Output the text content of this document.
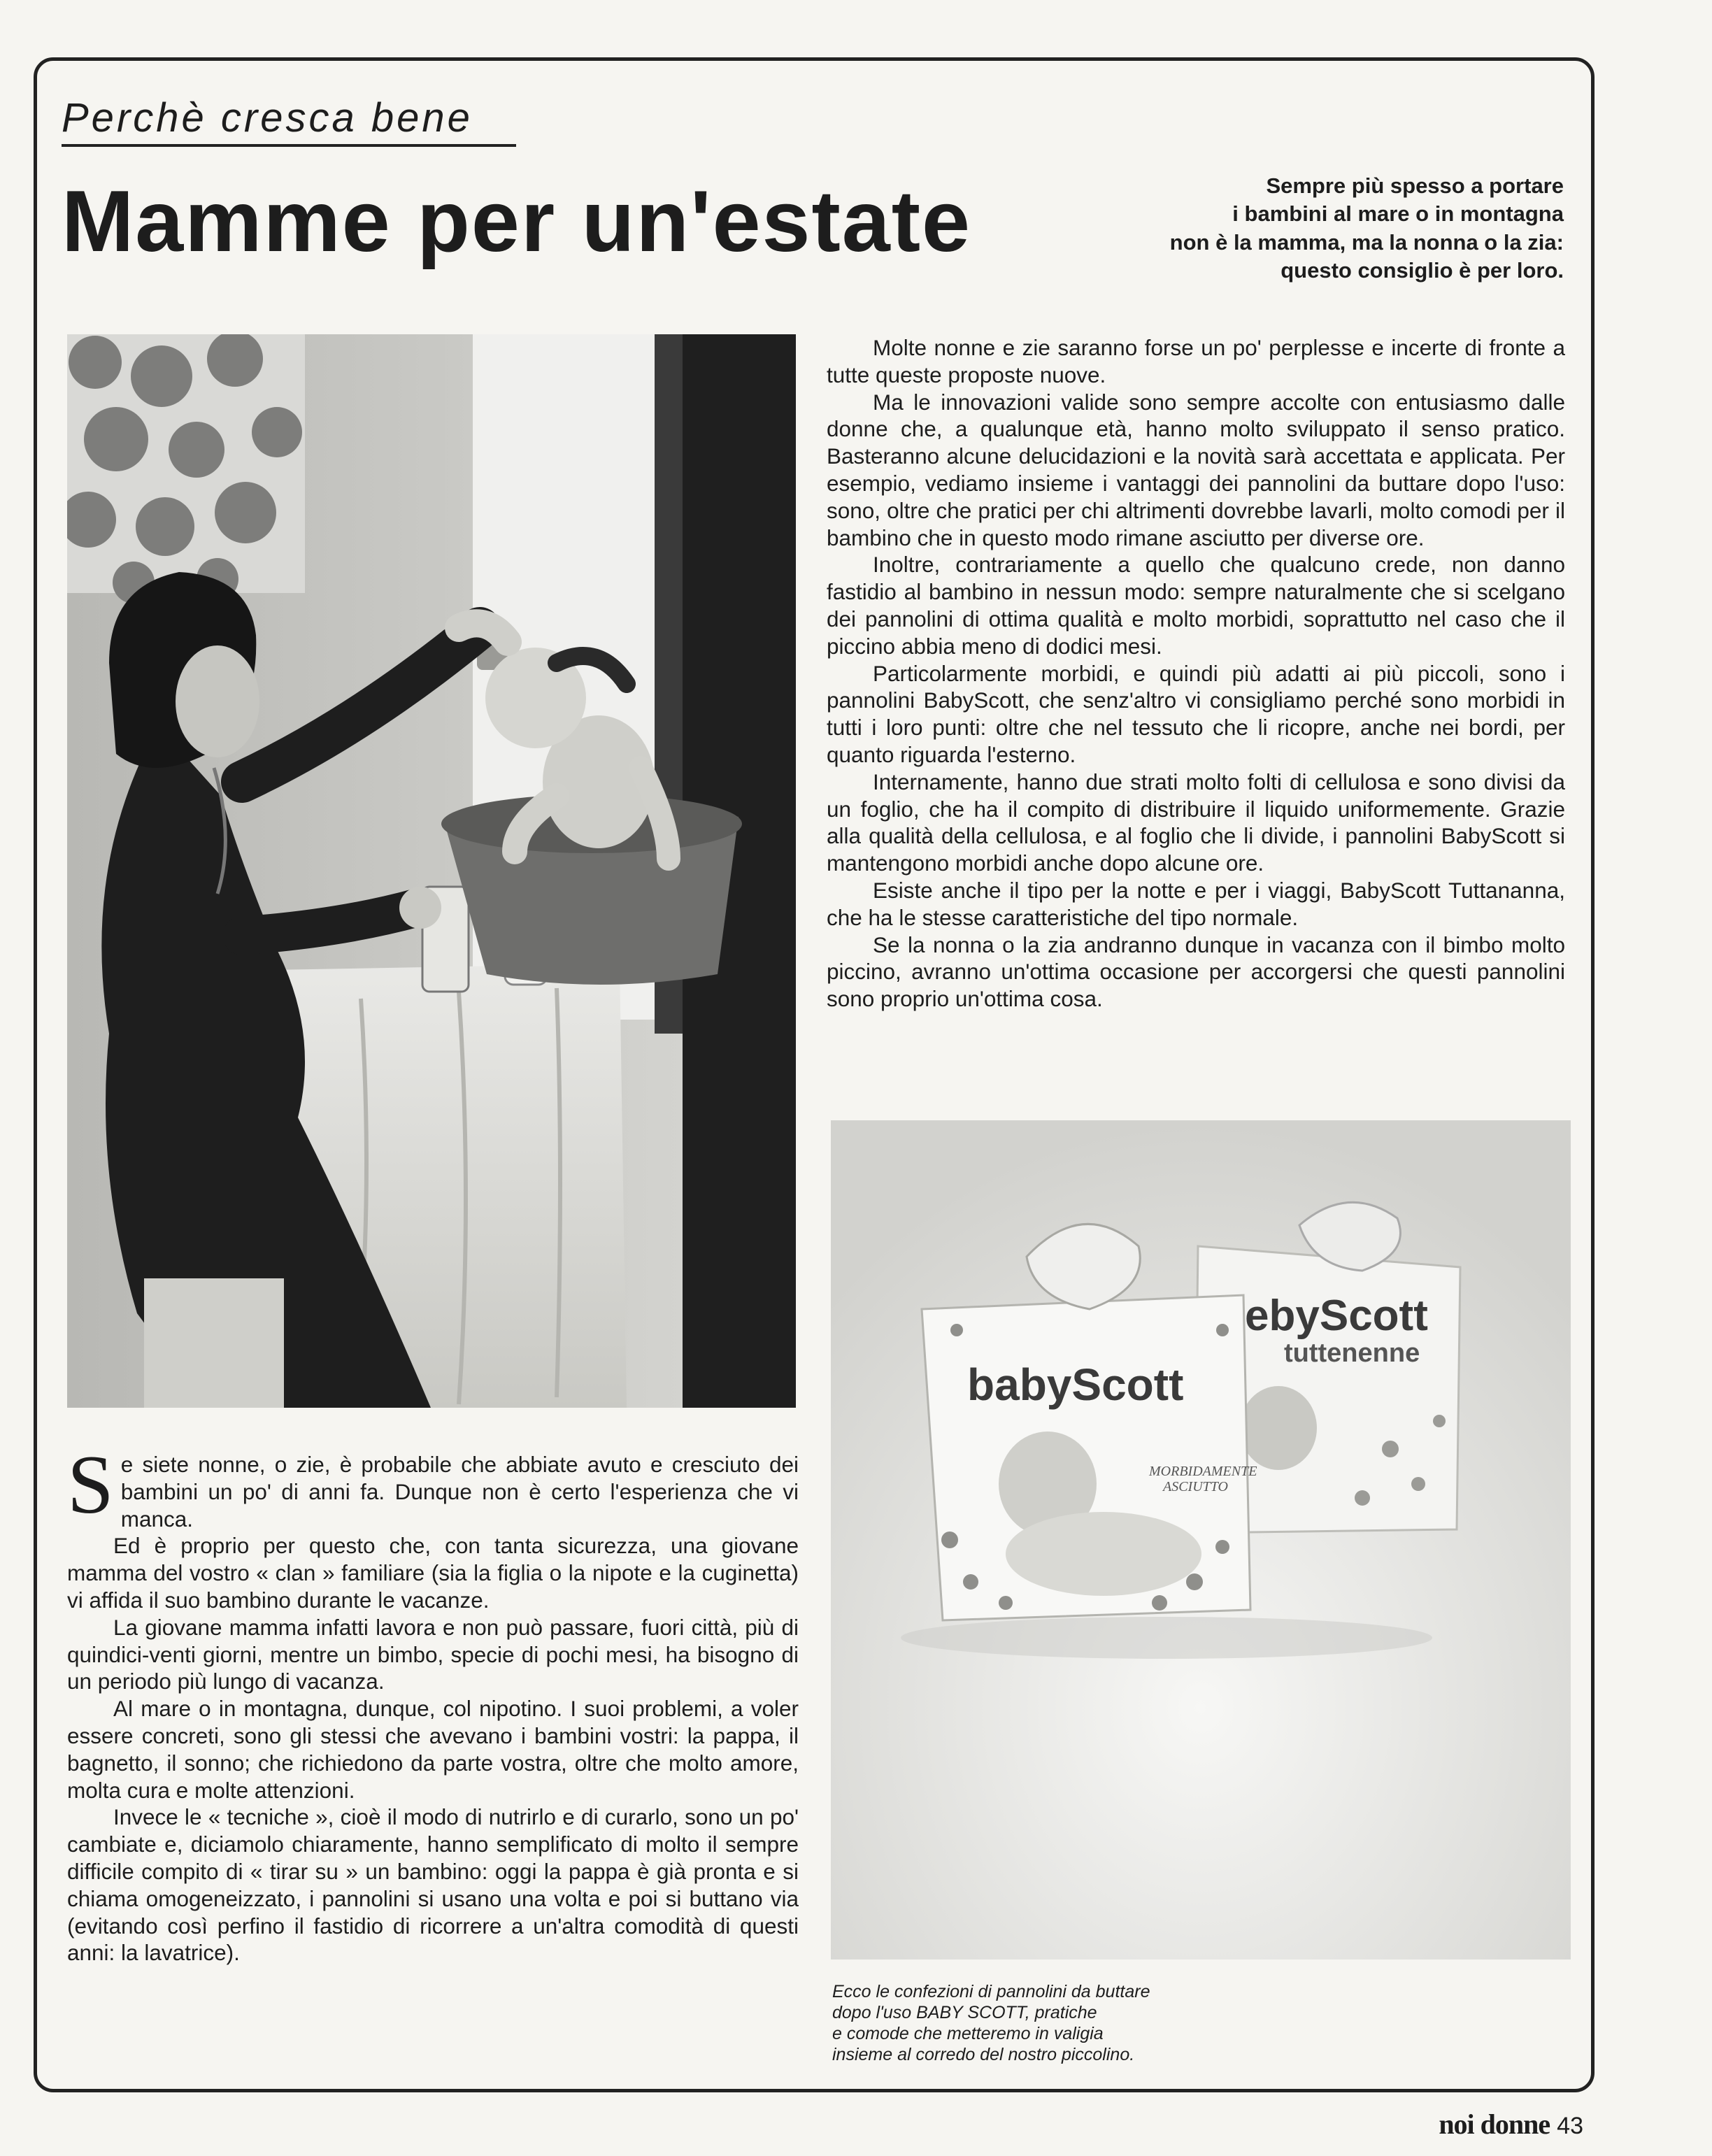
Perchè cresca bene
Mamme per un'estate	Sempre più spesso a portare
i bambini al mare o in montagna
non è la mamma, ma la nonna o la zia:
questo consiglio è per loro.

Molte nonne e zie saranno forse un po' perplesse e incerte di fronte a tutte queste proposte nuove.

Ma le innovazioni valide sono sempre accolte con entusiasmo dalle donne che, a qualunque età, hanno molto sviluppato il senso pratico. Basteranno alcune delucidazioni e la novità sarà accettata e applicata. Per esempio, vediamo insieme i vantaggi dei pannolini da buttare dopo l'uso: sono, oltre che pratici per chi altrimenti dovrebbe lavarli, molto comodi per il bambino che in questo modo rimane asciutto per diverse ore.

Inoltre, contrariamente a quello che qualcuno crede, non danno fastidio al bambino in nessun modo: sempre naturalmente che si scelgano dei pannolini di ottima qualità e molto morbidi, soprattutto nel caso che il piccino abbia meno di dodici mesi.

Particolarmente morbidi, e quindi più adatti ai più piccoli, sono i pannolini BabyScott, che senz'altro vi consigliamo perché sono morbidi in tutti i loro punti: oltre che nel tessuto che li ricopre, anche nei bordi, per quanto riguarda l'esterno.

Internamente, hanno due strati molto folti di cellulosa e sono divisi da un foglio, che ha il compito di distribuire il liquido uniformemente. Grazie alla qualità della cellulosa, e al foglio che li divide, i pannolini BabyScott si mantengono morbidi anche dopo alcune ore.

Esiste anche il tipo per la notte e per i viaggi, BabyScott Tuttananna, che ha le stesse caratteristiche del tipo normale.

Se la nonna o la zia andranno dunque in vacanza con il bimbo molto piccino, avranno un'ottima occasione per accorgersi che questi pannolini sono proprio un'ottima cosa.

Se siete nonne, o zie, è probabile che abbiate avuto e cresciuto dei bambini un po' di anni fa. Dunque non è certo l'esperienza che vi manca.

Ed è proprio per questo che, con tanta sicurezza, una giovane mamma del vostro « clan » familiare (sia la figlia o la nipote e la cuginetta) vi affida il suo bambino durante le vacanze.

La giovane mamma infatti lavora e non può passare, fuori città, più di quindici-venti giorni, mentre un bimbo, specie di pochi mesi, ha bisogno di un periodo più lungo di vacanza.

Al mare o in montagna, dunque, col nipotino. I suoi problemi, a voler essere concreti, sono gli stessi che avevano i bambini vostri: la pappa, il bagnetto, il sonno; che richiedono da parte vostra, oltre che molto amore, molta cura e molte attenzioni.

Invece le « tecniche », cioè il modo di nutrirlo e di curarlo, sono un po' cambiate e, diciamolo chiaramente, hanno semplificato di molto il sempre difficile compito di « tirar su » un bambino: oggi la pappa è già pronta e si chiama omogeneizzato, i pannolini si usano una volta e poi si buttano via (evitando così perfino il fastidio di ricorrere a un'altra comodità di questi anni: la lavatrice).

ebyScott
tuttenenne
babyScott
MORBIDAMENTE
ASCIUTTO
Ecco le confezioni di pannolini da buttare
dopo l'uso BABY SCOTT, pratiche
e comode che metteremo in valigia
insieme al corredo del nostro piccolino.
noi donne 43
